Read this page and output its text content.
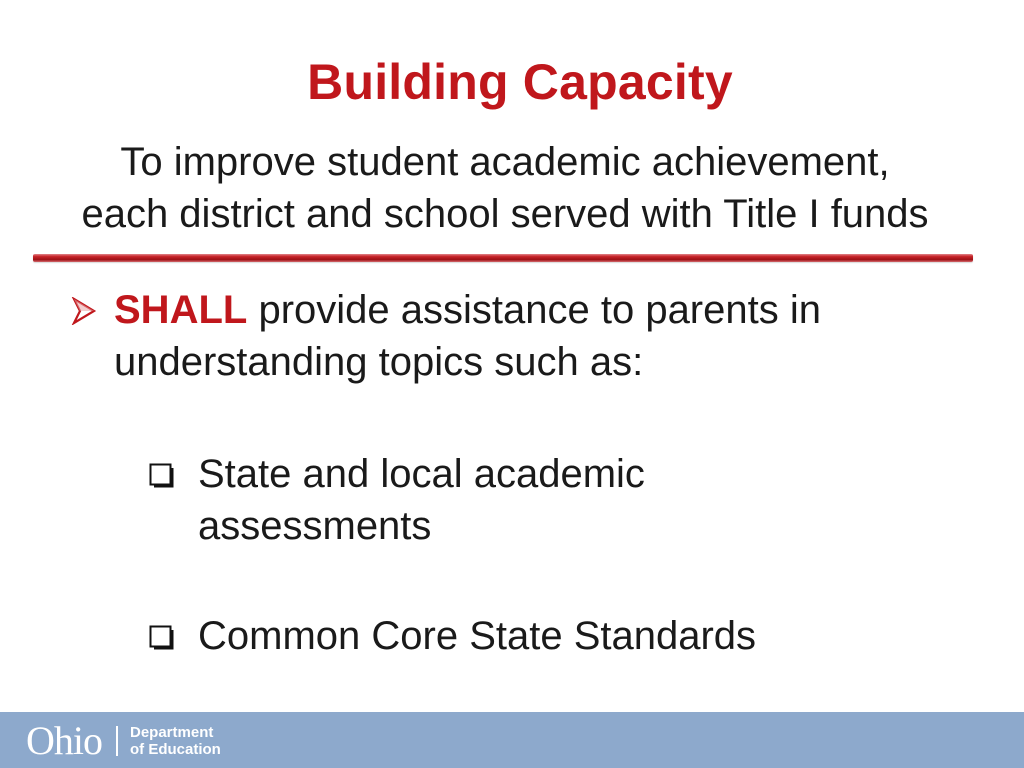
Building Capacity
To improve student academic achievement,
each district and school served with Title I funds
SHALL provide assistance to parents in understanding topics such as:
State and local academic assessments
Common Core State Standards
Ohio Department
of Education
